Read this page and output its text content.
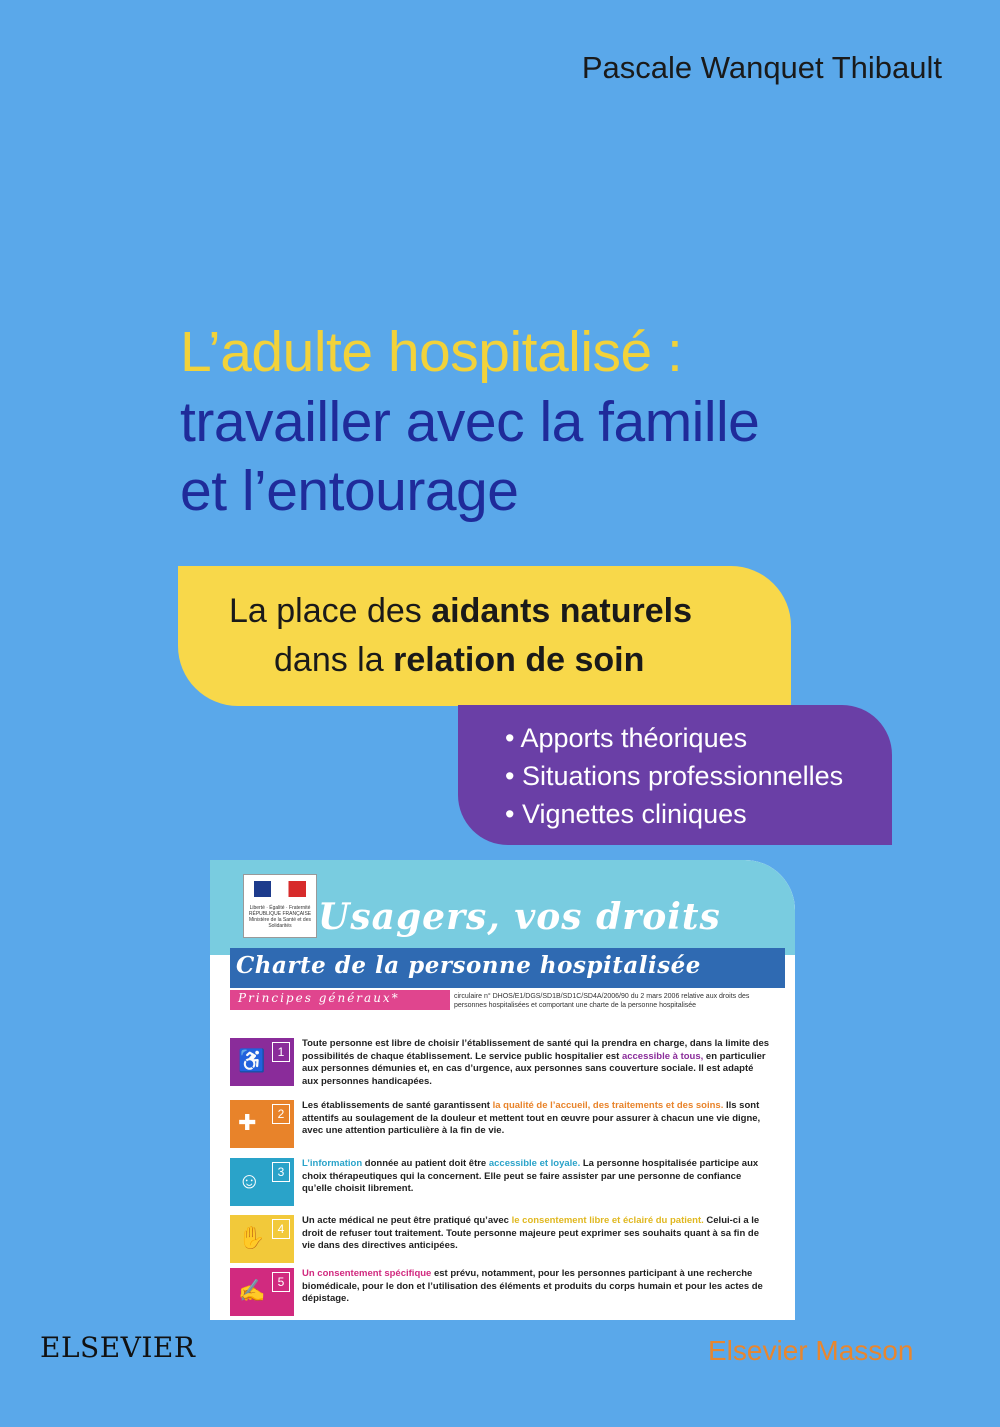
Pascale Wanquet Thibault
L’adulte hospitalisé :
travailler avec la famille
et l’entourage
La place des aidants naturels
dans la relation de soin
• Apports théoriques
• Situations professionnelles
• Vignettes cliniques
Liberté · Égalité · Fraternité RÉPUBLIQUE FRANÇAISE Ministère de la Santé et des Solidarités Usagers, vos droits
Charte de la personne hospitalisée
Principes généraux*	circulaire n° DHOS/E1/DGS/SD1B/SD1C/SD4A/2006/90 du 2 mars 2006 relative aux droits des personnes hospitalisées et comportant une charte de la personne hospitalisée
♿	1
Toute personne est libre de choisir l’établissement de santé qui la prendra en charge, dans la limite des possibilités de chaque établissement. Le service public hospitalier est accessible à tous, en particulier aux personnes démunies et, en cas d’urgence, aux personnes sans couverture sociale. Il est adapté aux personnes handicapées.
✚	2
Les établissements de santé garantissent la qualité de l’accueil, des traitements et des soins. Ils sont attentifs au soulagement de la douleur et mettent tout en œuvre pour assurer à chacun une vie digne, avec une attention particulière à la fin de vie.
☺	3
L’information donnée au patient doit être accessible et loyale. La personne hospitalisée participe aux choix thérapeutiques qui la concernent. Elle peut se faire assister par une personne de confiance qu’elle choisit librement.
✋	4
Un acte médical ne peut être pratiqué qu’avec le consentement libre et éclairé du patient. Celui-ci a le droit de refuser tout traitement. Toute personne majeure peut exprimer ses souhaits quant à sa fin de vie dans des directives anticipées.
✍	5
Un consentement spécifique est prévu, notamment, pour les personnes participant à une recherche biomédicale, pour le don et l’utilisation des éléments et produits du corps humain et pour les actes de dépistage.
ELSEVIER	Elsevier Masson
